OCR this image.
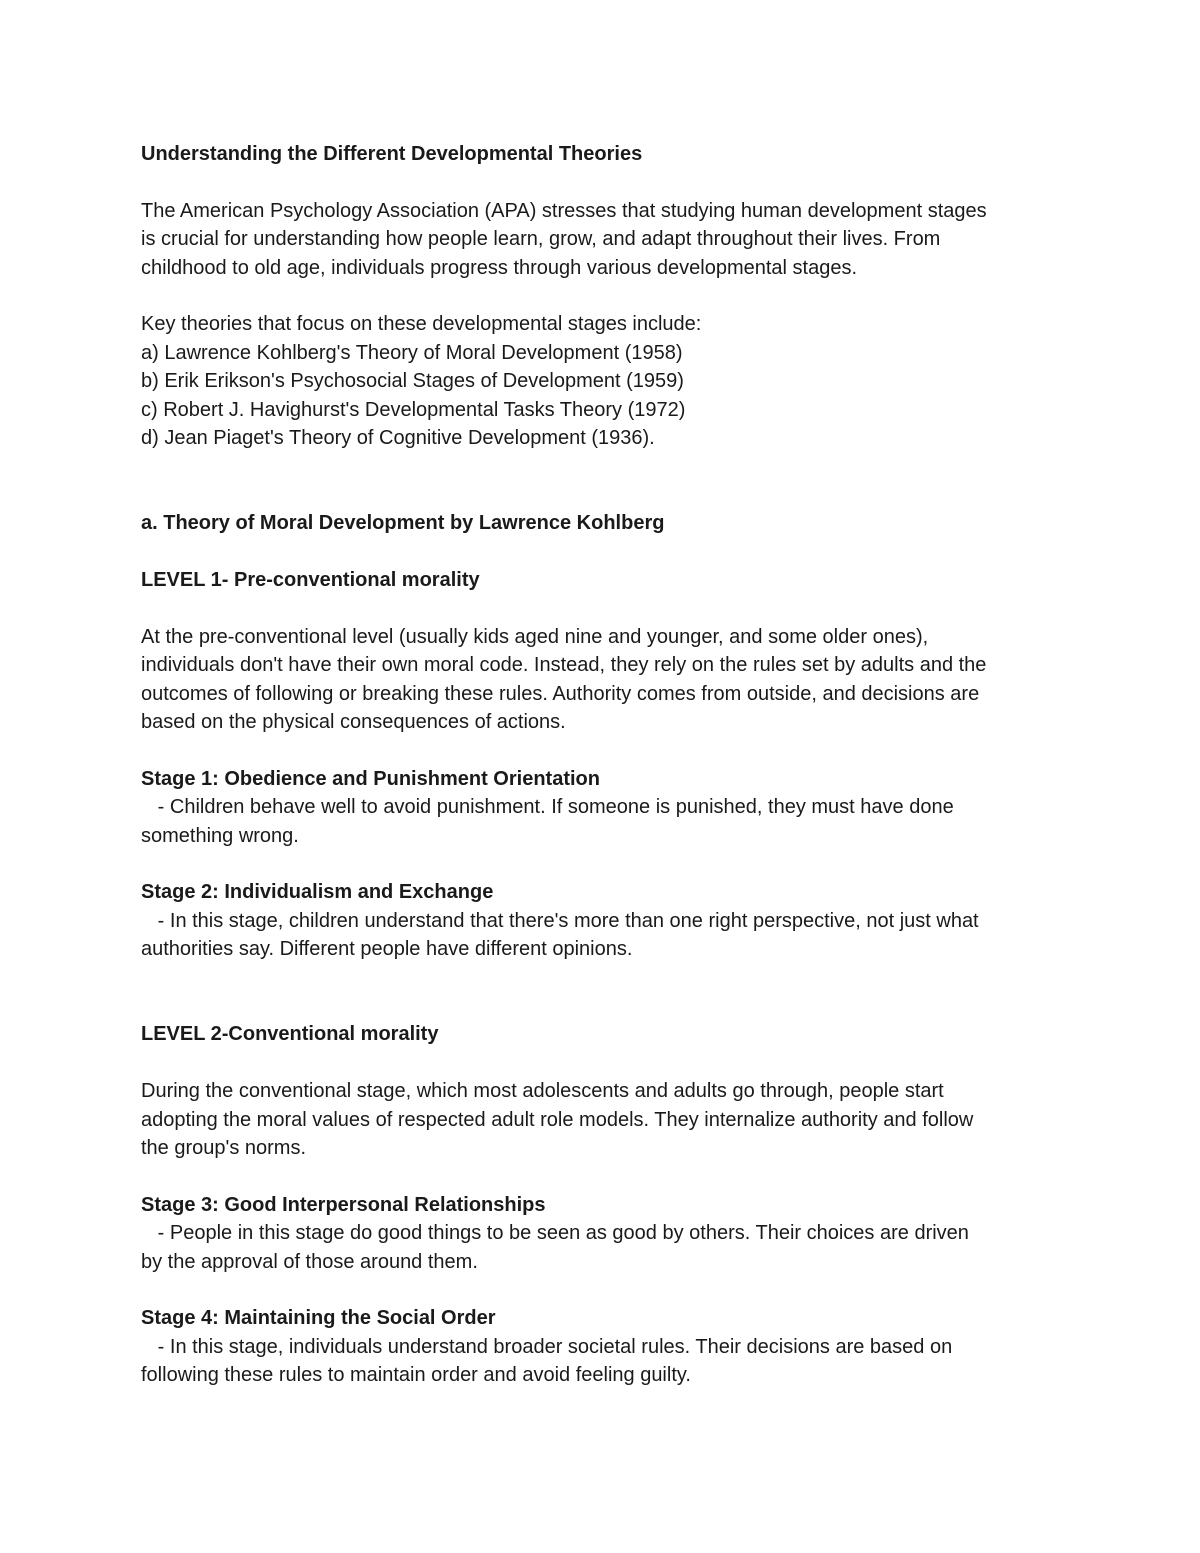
Understanding the Different Developmental Theories

The American Psychology Association (APA) stresses that studying human development stages

is crucial for understanding how people learn, grow, and adapt throughout their lives. From

childhood to old age, individuals progress through various developmental stages.

Key theories that focus on these developmental stages include:

a) Lawrence Kohlberg's Theory of Moral Development (1958)

b) Erik Erikson's Psychosocial Stages of Development (1959)

c) Robert J. Havighurst's Developmental Tasks Theory (1972)

d) Jean Piaget's Theory of Cognitive Development (1936).

a. Theory of Moral Development by Lawrence Kohlberg

LEVEL 1- Pre-conventional morality

At the pre-conventional level (usually kids aged nine and younger, and some older ones),

individuals don't have their own moral code. Instead, they rely on the rules set by adults and the

outcomes of following or breaking these rules. Authority comes from outside, and decisions are

based on the physical consequences of actions.

Stage 1: Obedience and Punishment Orientation

- Children behave well to avoid punishment. If someone is punished, they must have done

something wrong.

Stage 2: Individualism and Exchange

- In this stage, children understand that there's more than one right perspective, not just what

authorities say. Different people have different opinions.

LEVEL 2-Conventional morality

During the conventional stage, which most adolescents and adults go through, people start

adopting the moral values of respected adult role models. They internalize authority and follow

the group's norms.

Stage 3: Good Interpersonal Relationships

- People in this stage do good things to be seen as good by others. Their choices are driven

by the approval of those around them.

Stage 4: Maintaining the Social Order

- In this stage, individuals understand broader societal rules. Their decisions are based on

following these rules to maintain order and avoid feeling guilty.
